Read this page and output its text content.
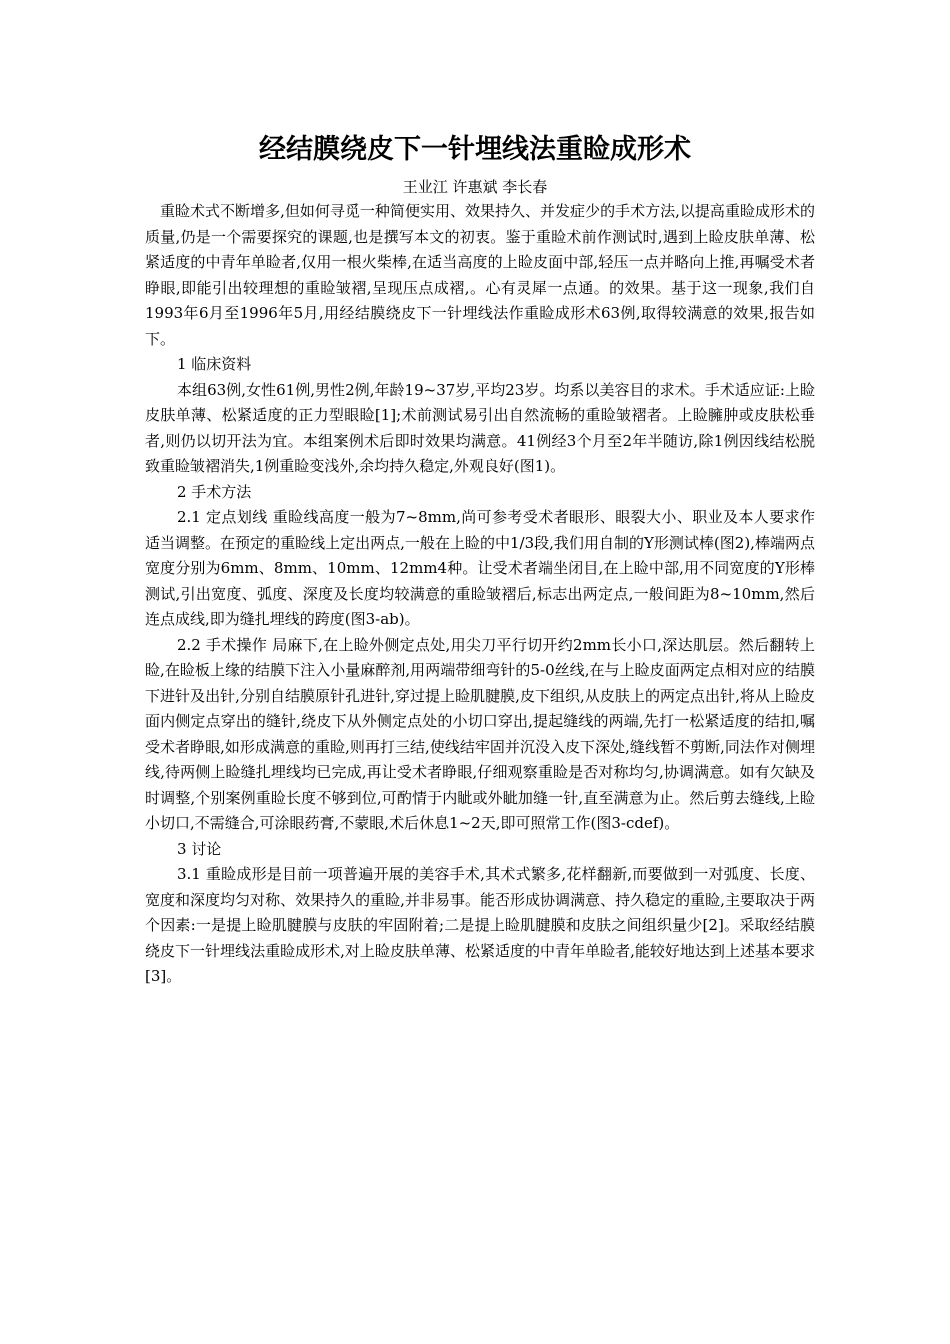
经结膜绕皮下一针埋线法重睑成形术
王业江 许惠斌 李长春

重睑术式不断增多,但如何寻觅一种简便实用、效果持久、并发症少的手术方法,以提高重睑成形术的质量,仍是一个需要探究的课题,也是撰写本文的初衷。鉴于重睑术前作测试时,遇到上睑皮肤单薄、松紧适度的中青年单睑者,仅用一根火柴棒,在适当高度的上睑皮面中部,轻压一点并略向上推,再嘱受术者睁眼,即能引出较理想的重睑皱褶,呈现压点成褶,。心有灵犀一点通。的效果。基于这一现象,我们自1993年6月至1996年5月,用经结膜绕皮下一针埋线法作重睑成形术63例,取得较满意的效果,报告如下。

1 临床资料

本组63例,女性61例,男性2例,年龄19~37岁,平均23岁。均系以美容目的求术。手术适应证:上睑皮肤单薄、松紧适度的正力型眼睑[1];术前测试易引出自然流畅的重睑皱褶者。上睑臃肿或皮肤松垂者,则仍以切开法为宜。本组案例术后即时效果均满意。41例经3个月至2年半随访,除1例因线结松脱致重睑皱褶消失,1例重睑变浅外,余均持久稳定,外观良好(图1)。

2 手术方法

2.1 定点划线 重睑线高度一般为7~8mm,尚可参考受术者眼形、眼裂大小、职业及本人要求作适当调整。在预定的重睑线上定出两点,一般在上睑的中1/3段,我们用自制的Y形测试棒(图2),棒端两点宽度分别为6mm、8mm、10mm、12mm4种。让受术者端坐闭目,在上睑中部,用不同宽度的Y形棒测试,引出宽度、弧度、深度及长度均较满意的重睑皱褶后,标志出两定点,一般间距为8~10mm,然后连点成线,即为缝扎埋线的跨度(图3-ab)。

2.2 手术操作 局麻下,在上睑外侧定点处,用尖刀平行切开约2mm长小口,深达肌层。然后翻转上睑,在睑板上缘的结膜下注入小量麻醉剂,用两端带细弯针的5-0丝线,在与上睑皮面两定点相对应的结膜下进针及出针,分别自结膜原针孔进针,穿过提上睑肌腱膜,皮下组织,从皮肤上的两定点出针,将从上睑皮面内侧定点穿出的缝针,绕皮下从外侧定点处的小切口穿出,提起缝线的两端,先打一松紧适度的结扣,嘱受术者睁眼,如形成满意的重睑,则再打三结,使线结牢固并沉没入皮下深处,缝线暂不剪断,同法作对侧埋线,待两侧上睑缝扎埋线均已完成,再让受术者睁眼,仔细观察重睑是否对称均匀,协调满意。如有欠缺及时调整,个别案例重睑长度不够到位,可酌情于内眦或外眦加缝一针,直至满意为止。然后剪去缝线,上睑小切口,不需缝合,可涂眼药膏,不蒙眼,术后休息1~2天,即可照常工作(图3-cdef)。

3 讨论

3.1 重睑成形是目前一项普遍开展的美容手术,其术式繁多,花样翻新,而要做到一对弧度、长度、宽度和深度均匀对称、效果持久的重睑,并非易事。能否形成协调满意、持久稳定的重睑,主要取决于两个因素:一是提上睑肌腱膜与皮肤的牢固附着;二是提上睑肌腱膜和皮肤之间组织量少[2]。采取经结膜绕皮下一针埋线法重睑成形术,对上睑皮肤单薄、松紧适度的中青年单睑者,能较好地达到上述基本要求[3]。
